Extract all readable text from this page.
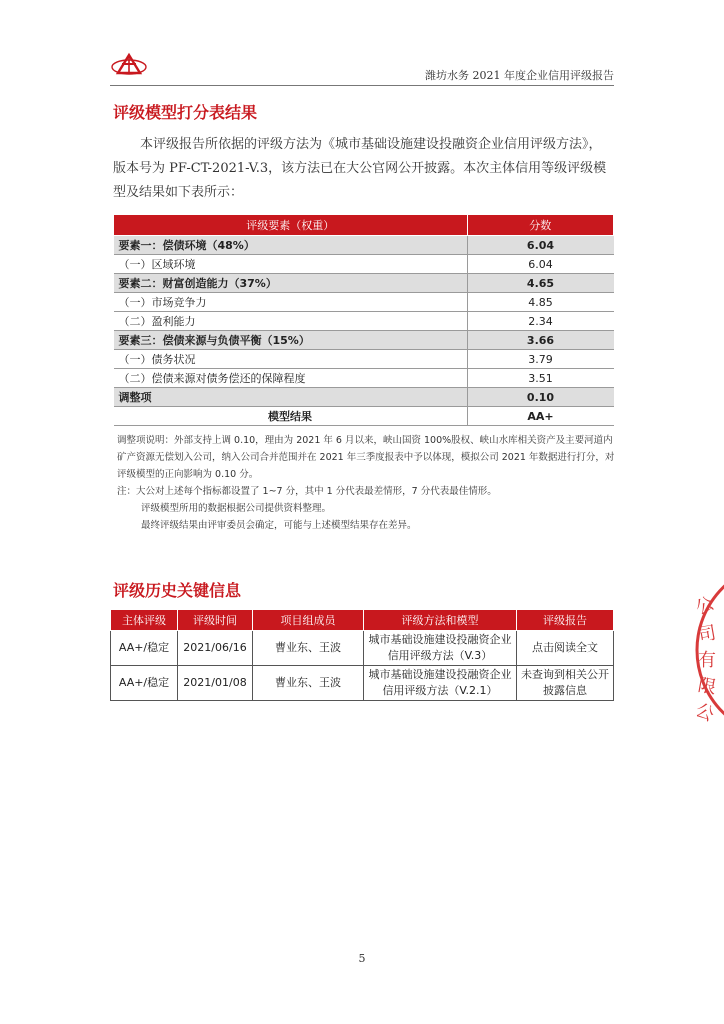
潍坊水务 2021 年度企业信用评级报告
评级模型打分表结果

本评级报告所依据的评级方法为《城市基础设施建设投融资企业信用评级方法》，版本号为 PF-CT-2021-V.3，该方法已在大公官网公开披露。本次主体信用等级评级模型及结果如下表所示：

评级要素（权重）	分数
要素一：偿债环境（48%）	6.04
（一）区域环境	6.04
要素二：财富创造能力（37%）	4.65
（一）市场竞争力	4.85
（二）盈利能力	2.34
要素三：偿债来源与负债平衡（15%）	3.66
（一）债务状况	3.79
（二）偿债来源对债务偿还的保障程度	3.51
调整项	0.10
模型结果	AA+

调整项说明：外部支持上调 0.10，理由为 2021 年 6 月以来，峡山国资 100%股权、峡山水库相关资产及主要河道内矿产资源无偿划入公司，纳入公司合并范围并在 2021 年三季度报表中予以体现，模拟公司 2021 年数据进行打分，对评级模型的正向影响为 0.10 分。

注：大公对上述每个指标都设置了 1~7 分，其中 1 分代表最差情形，7 分代表最佳情形。

评级模型所用的数据根据公司提供资料整理。

最终评级结果由评审委员会确定，可能与上述模型结果存在差异。

评级历史关键信息
主体评级	评级时间	项目组成员	评级方法和模型	评级报告
AA+/稳定	2021/06/16	曹业东、王波	城市基础设施建设投融资企业信用评级方法（V.3）	点击阅读全文
AA+/稳定	2021/01/08	曹业东、王波	城市基础设施建设投融资企业信用评级方法（V.2.1）	未查询到相关公开披露信息
公
司
有
限
公
5
